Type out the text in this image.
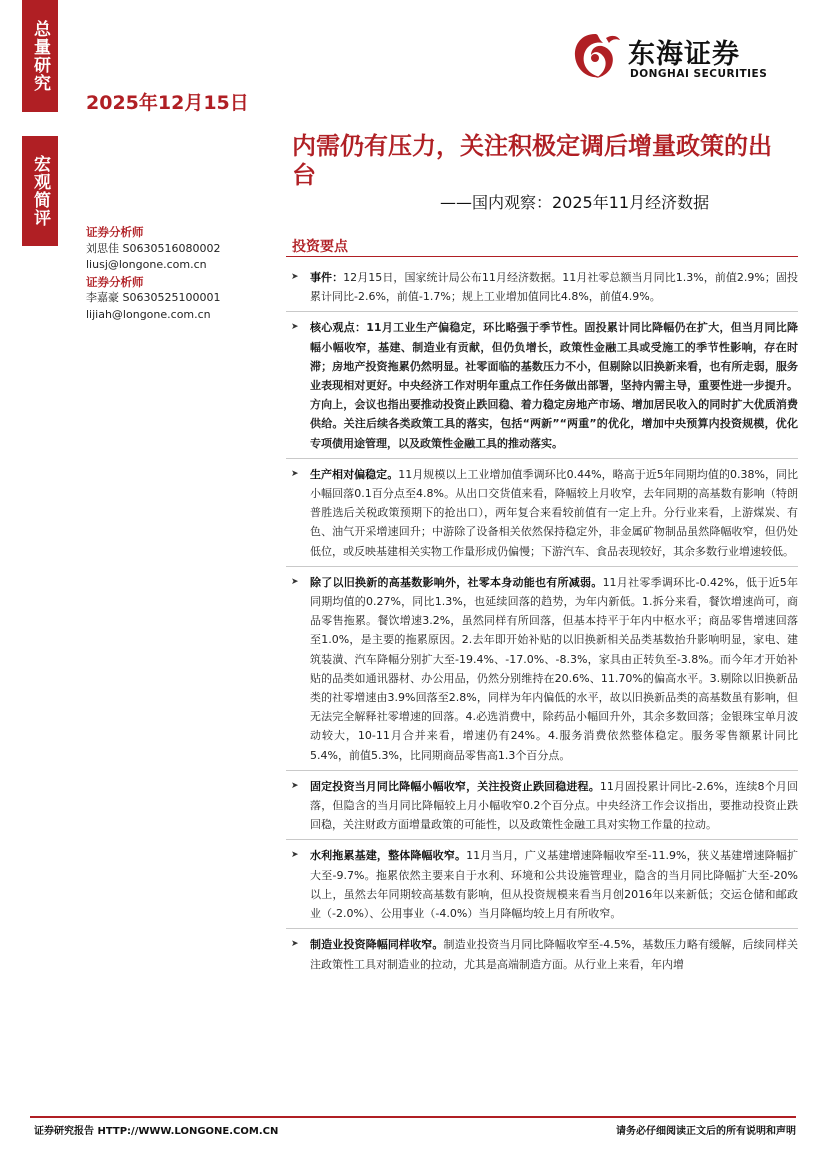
总量研究
宏观简评
2025年12月15日
东海证券
DONGHAI SECURITIES
内需仍有压力，关注积极定调后增量政策的出台
——国内观察：2025年11月经济数据
证券分析师
刘思佳 S0630516080002
liusj@longone.com.cn
证券分析师
李嘉豪 S0630525100001
lijiah@longone.com.cn
投资要点
➤ 事件：12月15日，国家统计局公布11月经济数据。11月社零总额当月同比1.3%，前值2.9%；固投累计同比-2.6%，前值-1.7%；规上工业增加值同比4.8%，前值4.9%。
➤ 核心观点：11月工业生产偏稳定，环比略强于季节性。固投累计同比降幅仍在扩大，但当月同比降幅小幅收窄，基建、制造业有贡献，但仍负增长，政策性金融工具或受施工的季节性影响，存在时滞；房地产投资拖累仍然明显。社零面临的基数压力不小，但剔除以旧换新来看，也有所走弱，服务业表现相对更好。中央经济工作对明年重点工作任务做出部署，坚持内需主导，重要性进一步提升。方向上，会议也指出要推动投资止跌回稳、着力稳定房地产市场、增加居民收入的同时扩大优质消费供给。关注后续各类政策工具的落实，包括“两新”“两重”的优化，增加中央预算内投资规模，优化专项债用途管理，以及政策性金融工具的推动落实。
➤ 生产相对偏稳定。11月规模以上工业增加值季调环比0.44%，略高于近5年同期均值的0.38%，同比小幅回落0.1百分点至4.8%。从出口交货值来看，降幅较上月收窄，去年同期的高基数有影响（特朗普胜选后关税政策预期下的抢出口），两年复合来看较前值有一定上升。分行业来看，上游煤炭、有色、油气开采增速回升；中游除了设备相关依然保持稳定外，非金属矿物制品虽然降幅收窄，但仍处低位，或反映基建相关实物工作量形成仍偏慢；下游汽车、食品表现较好，其余多数行业增速较低。
➤ 除了以旧换新的高基数影响外，社零本身动能也有所减弱。11月社零季调环比-0.42%，低于近5年同期均值的0.27%，同比1.3%，也延续回落的趋势，为年内新低。1.拆分来看，餐饮增速尚可，商品零售拖累。餐饮增速3.2%，虽然同样有所回落，但基本持平于年内中枢水平；商品零售增速回落至1.0%，是主要的拖累原因。2.去年即开始补贴的以旧换新相关品类基数抬升影响明显，家电、建筑装潢、汽车降幅分别扩大至-19.4%、-17.0%、-8.3%，家具由正转负至-3.8%。而今年才开始补贴的品类如通讯器材、办公用品，仍然分别维持在20.6%、11.70%的偏高水平。3.剔除以旧换新品类的社零增速由3.9%回落至2.8%，同样为年内偏低的水平，故以旧换新品类的高基数虽有影响，但无法完全解释社零增速的回落。4.必选消费中，除药品小幅回升外，其余多数回落；金银珠宝单月波动较大，10-11月合并来看，增速仍有24%。4.服务消费依然整体稳定。服务零售额累计同比5.4%，前值5.3%，比同期商品零售高1.3个百分点。
➤ 固定投资当月同比降幅小幅收窄，关注投资止跌回稳进程。11月固投累计同比-2.6%，连续8个月回落，但隐含的当月同比降幅较上月小幅收窄0.2个百分点。中央经济工作会议指出，要推动投资止跌回稳，关注财政方面增量政策的可能性，以及政策性金融工具对实物工作量的拉动。
➤ 水利拖累基建，整体降幅收窄。11月当月，广义基建增速降幅收窄至-11.9%，狭义基建增速降幅扩大至-9.7%。拖累依然主要来自于水利、环境和公共设施管理业，隐含的当月同比降幅扩大至-20%以上，虽然去年同期较高基数有影响，但从投资规模来看当月创2016年以来新低；交运仓储和邮政业（-2.0%）、公用事业（-4.0%）当月降幅均较上月有所收窄。
➤ 制造业投资降幅同样收窄。制造业投资当月同比降幅收窄至-4.5%，基数压力略有缓解，后续同样关注政策性工具对制造业的拉动，尤其是高端制造方面。从行业上来看，年内增
证券研究报告 HTTP://WWW.LONGONE.COM.CN	请务必仔细阅读正文后的所有说明和声明
